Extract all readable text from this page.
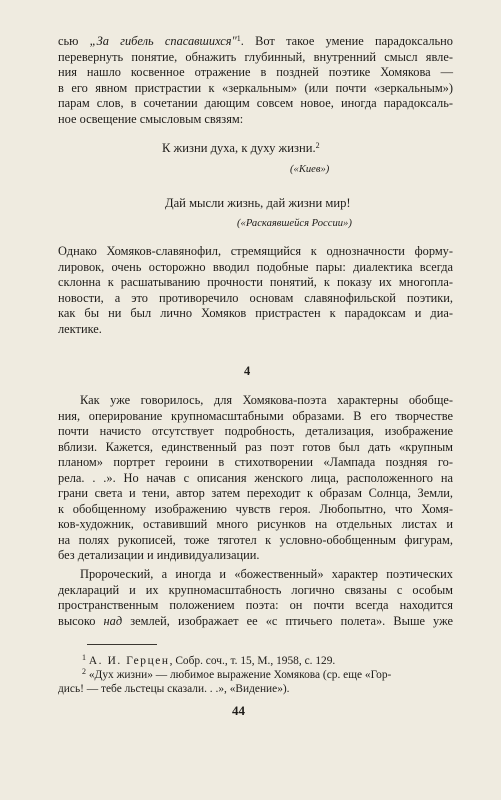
сью „За гибель спасавшихся"$^1$. Вот такое умение парадоксально
перевернуть понятие, обнажить глубинный, внутренний смысл явле-
ния нашло косвенное отражение в поздней поэтике Хомякова —
в его явном пристрастии к «зеркальным» (или почти «зеркальным»)
парам слов, в сочетании дающим совсем новое, иногда парадоксаль-
ное освещение смысловым связям:

К жизни духа, к духу жизни.$^2$
(«Киев»)
Дай мысли жизнь, дай жизни мир!
(«Раскаявшейся России»)

Однако Хомяков-славянофил, стремящийся к однозначности форму-
лировок, очень осторожно вводил подобные пары: диалектика всегда
склонна к расшатыванию прочности понятий, к показу их многопла-
новости, а это противоречило основам славянофильской поэтики,
как бы ни был лично Хомяков пристрастен к парадоксам и диа-
лектике.

4

Как уже говорилось, для Хомякова-поэта характерны обобще-
ния, оперирование крупномасштабными образами. В его творчестве
почти начисто отсутствует подробность, детализация, изображение
вблизи. Кажется, единственный раз поэт готов был дать «крупным
планом» портрет героини в стихотворении «Лампада поздняя го-
рела. . .». Но начав с описания женского лица, расположенного на
грани света и тени, автор затем переходит к образам Солнца, Земли,
к обобщенному изображению чувств героя. Любопытно, что Хомя-
ков-художник, оставивший много рисунков на отдельных листах и
на полях рукописей, тоже тяготел к условно-обобщенным фигурам,
без детализации и индивидуализации.

Пророческий, а иногда и «божественный» характер поэтических
деклараций и их крупномасштабность логично связаны с особым
пространственным положением поэта: он почти всегда находится
высоко над землей, изображает ее «с птичьего полета». Выше уже

$^1$ А. И. Герцен, Собр. соч., т. 15, М., 1958, с. 129.
$^2$ «Дух жизни» — любимое выражение Хомякова (ср. еще «Гор-
дись! — тебе льстецы сказали. . .», «Видение»).
44
